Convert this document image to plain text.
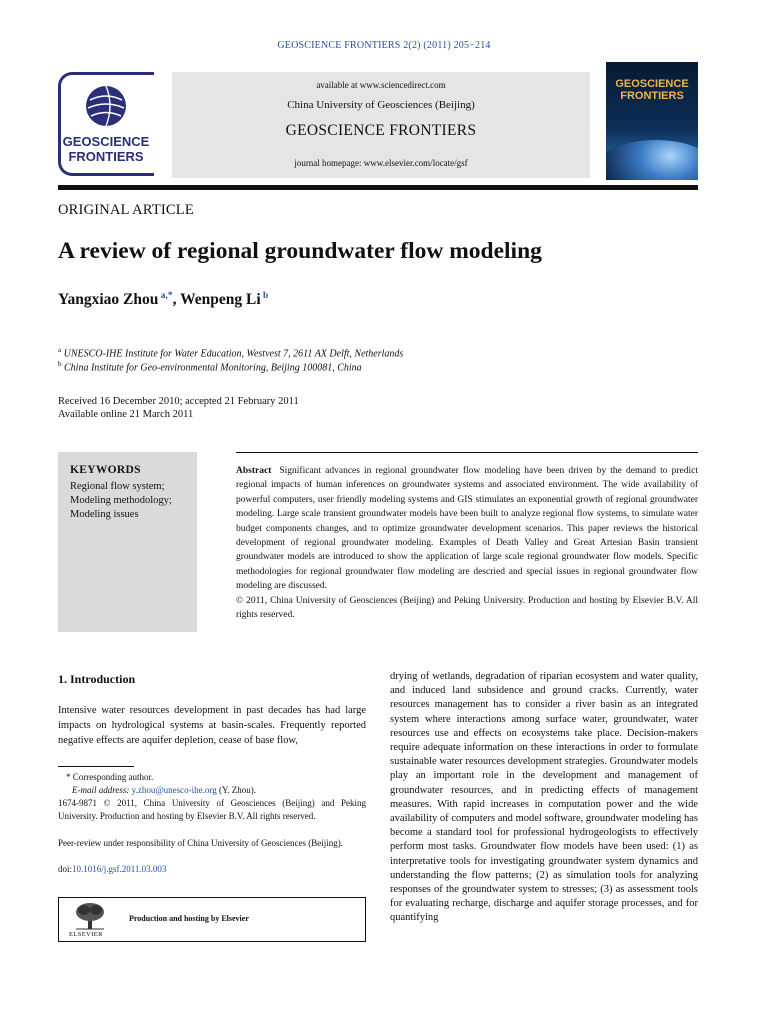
GEOSCIENCE FRONTIERS 2(2) (2011) 205−214
GEOSCIENCE
FRONTIERS
available at www.sciencedirect.com
China University of Geosciences (Beijing)
GEOSCIENCE FRONTIERS
journal homepage: www.elsevier.com/locate/gsf
GEOSCIENCE
FRONTIERS
ORIGINAL ARTICLE
A review of regional groundwater flow modeling
Yangxiao Zhou $^{a,*}$, Wenpeng Li $^b$
$^a$ UNESCO-IHE Institute for Water Education, Westvest 7, 2611 AX Delft, Netherlands
$^b$ China Institute for Geo-environmental Monitoring, Beijing 100081, China
Received 16 December 2010; accepted 21 February 2011
Available online 21 March 2011
KEYWORDS
Regional flow system;
Modeling methodology;
Modeling issues
Abstract Significant advances in regional groundwater flow modeling have been driven by the demand to predict regional impacts of human inferences on groundwater systems and associated environment. The wide availability of powerful computers, user friendly modeling systems and GIS stimulates an exponential growth of regional groundwater modeling. Large scale transient groundwater models have been built to analyze regional flow systems, to simulate water budget components changes, and to optimize groundwater development scenarios. This paper reviews the historical development of regional groundwater modeling. Examples of Death Valley and Great Artesian Basin transient groundwater models are introduced to show the application of large scale regional groundwater flow models. Specific methodologies for regional groundwater flow modeling are descried and special issues in regional groundwater flow modeling are discussed.
© 2011, China University of Geosciences (Beijing) and Peking University. Production and hosting by Elsevier B.V. All rights reserved.
1. Introduction
Intensive water resources development in past decades has had large impacts on hydrological systems at basin-scales. Frequently reported negative effects are aquifer depletion, cease of base flow,
* Corresponding author.
E-mail address: y.zhou@unesco-ihe.org (Y. Zhou).
1674-9871 © 2011, China University of Geosciences (Beijing) and Peking University. Production and hosting by Elsevier B.V. All rights reserved.
Peer-review under responsibility of China University of Geosciences (Beijing).
doi:10.1016/j.gsf.2011.03.003
ELSEVIER
Production and hosting by Elsevier
drying of wetlands, degradation of riparian ecosystem and water quality, and induced land subsidence and ground cracks. Currently, water resources management has to consider a river basin as an integrated system where interactions among surface water, groundwater, water resources use and effects on ecosystems take place. Decision-makers require adequate information on these interactions in order to formulate sustainable water resources development strategies. Groundwater models play an important role in the development and management of groundwater resources, and in predicting effects of management measures. With rapid increases in computation power and the wide availability of computers and model software, groundwater modeling has become a standard tool for professional hydrogeologists to effectively perform most tasks. Groundwater flow models have been used: (1) as interpretative tools for investigating groundwater system dynamics and understanding the flow patterns; (2) as simulation tools for analyzing responses of the groundwater system to stresses; (3) as assessment tools for evaluating recharge, discharge and aquifer storage processes, and for quantifying
